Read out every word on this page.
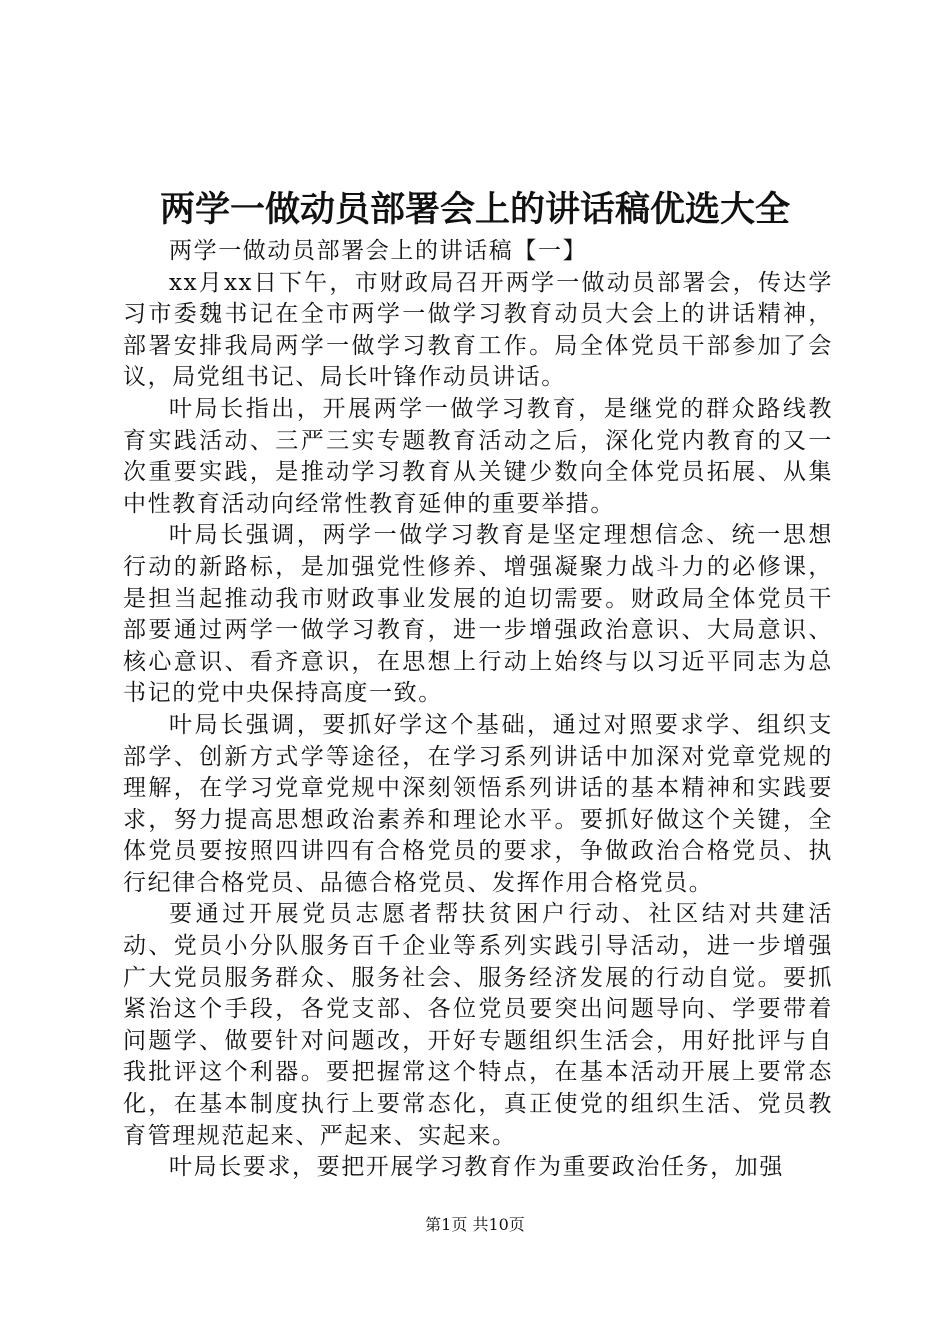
两学一做动员部署会上的讲话稿优选大全

两学一做动员部署会上的讲话稿【一】

xx月xx日下午，市财政局召开两学一做动员部署会，传达学习市委魏书记在全市两学一做学习教育动员大会上的讲话精神，部署安排我局两学一做学习教育工作。局全体党员干部参加了会议，局党组书记、局长叶锋作动员讲话。

叶局长指出，开展两学一做学习教育，是继党的群众路线教育实践活动、三严三实专题教育活动之后，深化党内教育的又一次重要实践，是推动学习教育从关键少数向全体党员拓展、从集中性教育活动向经常性教育延伸的重要举措。

叶局长强调，两学一做学习教育是坚定理想信念、统一思想行动的新路标，是加强党性修养、增强凝聚力战斗力的必修课，是担当起推动我市财政事业发展的迫切需要。财政局全体党员干部要通过两学一做学习教育，进一步增强政治意识、大局意识、核心意识、看齐意识，在思想上行动上始终与以习近平同志为总书记的党中央保持高度一致。

叶局长强调，要抓好学这个基础，通过对照要求学、组织支部学、创新方式学等途径，在学习系列讲话中加深对党章党规的理解，在学习党章党规中深刻领悟系列讲话的基本精神和实践要求，努力提高思想政治素养和理论水平。要抓好做这个关键，全体党员要按照四讲四有合格党员的要求，争做政治合格党员、执行纪律合格党员、品德合格党员、发挥作用合格党员。

要通过开展党员志愿者帮扶贫困户行动、社区结对共建活动、党员小分队服务百千企业等系列实践引导活动，进一步增强广大党员服务群众、服务社会、服务经济发展的行动自觉。要抓紧治这个手段，各党支部、各位党员要突出问题导向、学要带着问题学、做要针对问题改，开好专题组织生活会，用好批评与自我批评这个利器。要把握常这个特点，在基本活动开展上要常态化，在基本制度执行上要常态化，真正使党的组织生活、党员教育管理规范起来、严起来、实起来。

叶局长要求，要把开展学习教育作为重要政治任务，加强

第1页 共10页
